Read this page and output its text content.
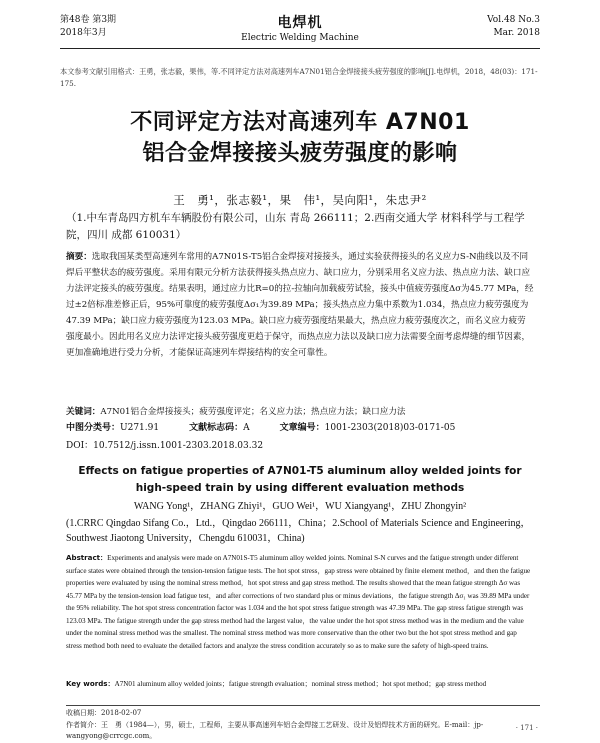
第48卷 第3期
2018年3月
电焊机
Electric Welding Machine
Vol.48 No.3
Mar. 2018
本文参考文献引用格式：王勇，张志毅，果伟，等.不同评定方法对高速列车A7N01铝合金焊接接头疲劳强度的影响[J].电焊机，2018，48(03)：171-175.
不同评定方法对高速列车 A7N01
铝合金焊接接头疲劳强度的影响
王　勇¹，张志毅¹，果　伟¹，吴向阳¹，朱忠尹²
（1.中车青岛四方机车车辆股份有限公司，山东 青岛 266111；2.西南交通大学 材料科学与工程学院，四川 成都 610031）
摘要：选取我国某类型高速列车常用的A7N01S-T5铝合金焊接对接接头，通过实验获得接头的名义应力S-N曲线以及不同焊后平整状态的疲劳强度。采用有限元分析方法获得接头热点应力、缺口应力，分别采用名义应力法、热点应力法、缺口应力法评定接头的疲劳强度。结果表明，通过应力比R=0的拉-拉轴向加载疲劳试验，接头中值疲劳强度Δσ为45.77 MPa，经过±2倍标准差修正后，95%可靠度的疲劳强度Δσ₁为39.89 MPa；接头热点应力集中系数为1.034，热点应力疲劳强度为47.39 MPa；缺口应力疲劳强度为123.03 MPa。缺口应力疲劳强度结果最大，热点应力疲劳强度次之，而名义应力疲劳强度最小。因此用名义应力法评定接头疲劳强度更趋于保守，而热点应力法以及缺口应力法需要全面考虑焊缝的细节因素，更加准确地进行受力分析，才能保证高速列车焊接结构的安全可靠性。
关键词：A7N01铝合金焊接接头；疲劳强度评定；名义应力法；热点应力法；缺口应力法
中图分类号：U271.91	文献标志码：A	文章编号：1001-2303(2018)03-0171-05
DOI：10.7512/j.issn.1001-2303.2018.03.32
Effects on fatigue properties of A7N01-T5 aluminum alloy welded joints for
high-speed train by using different evaluation methods
WANG Yong¹，ZHANG Zhiyi¹，GUO Wei¹，WU Xiangyang¹，ZHU Zhongyin²
(1.CRRC Qingdao Sifang Co.，Ltd.，Qingdao 266111，China；2.School of Materials Science and Engineering，Southwest Jiaotong University，Chengdu 610031，China)
Abstract：Experiments and analysis were made on A7N01S-T5 aluminum alloy welded joints. Nominal S-N curves and the fatigue strength under different surface states were obtained through the tension-tension fatigue tests. The hot spot stress，gap stress were obtained by finite element method，and then the fatigue properties were evaluated by using the nominal stress method，hot spot stress and gap stress method. The results showed that the mean fatigue strength Δσ was 45.77 MPa by the tension-tension load fatigue test，and after corrections of two standard plus or minus deviations，the fatigue strength Δσ₁ was 39.89 MPa under the 95% reliability. The hot spot stress concentration factor was 1.034 and the hot spot stress fatigue strength was 47.39 MPa. The gap stress fatigue strength was 123.03 MPa. The fatigue strength under the gap stress method had the largest value，the value under the hot spot stress method was in the medium and the value under the nominal stress method was the smallest. The nominal stress method was more conservative than the other two but the hot spot stress method and gap stress method both need to evaluate the detailed factors and analyze the stress condition accurately so as to make sure the safety of high-speed trains.
Key words：A7N01 aluminum alloy welded joints；fatigue strength evaluation；nominal stress method；hot spot method；gap stress method
收稿日期：2018-02-07
作者简介：王　勇（1984—），男，硕士，工程师，主要从事高速列车铝合金焊接工艺研发、设计及铝焊技术方面的研究。E-mail：jp-wangyong@crrcgc.com。
· 171 ·
